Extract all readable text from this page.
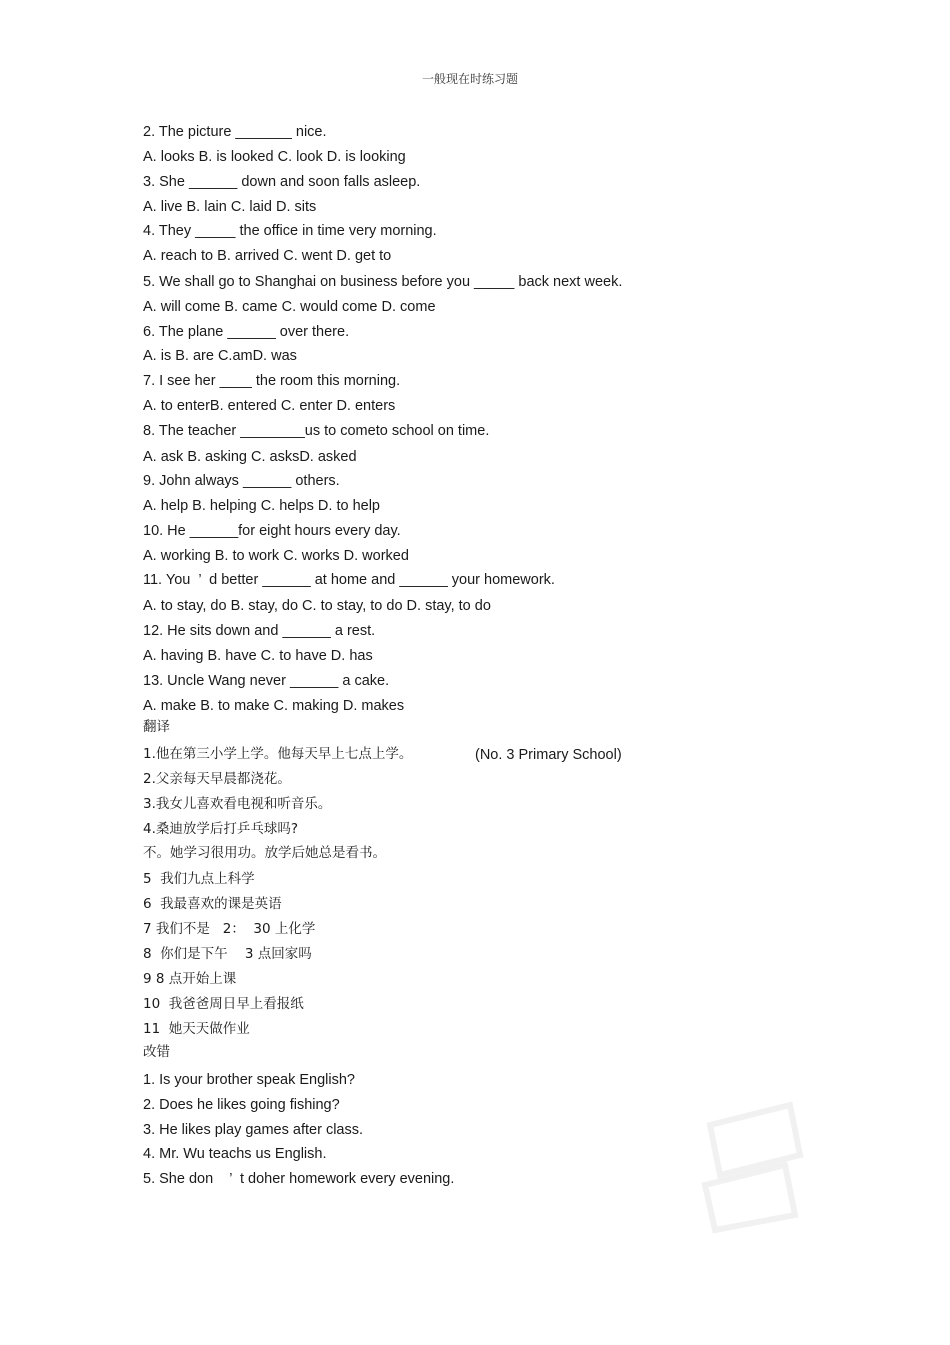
一般现在时练习题
2. The picture _______ nice.
A. looks B. is looked C. look D. is looking
3. She ______ down and soon falls asleep.
A. live B. lain C. laid D. sits
4. They _____ the office in time very morning.
A. reach to B. arrived C. went D. get to
5. We shall go to Shanghai on business before you _____ back next week.
A. will come B. came C. would come D. come
6. The plane ______ over there.
A. is B. are C.amD. was
7. I see her ____ the room this morning.
A. to enterB. entered C. enter D. enters
8. The teacher ________us to cometo school on time.
A. ask B. asking C. asksD. asked
9. John always ______ others.
A. help B. helping C. helps D. to help
10. He ______for eight hours every day.
A. working B. to work C. works D. worked
11. You  ’  d better ______ at home and ______ your homework.
A. to stay, do B. stay, do C. to stay, to do D. stay, to do
12. He sits down and ______ a rest.
A. having B. have C. to have D. has
13. Uncle Wang never ______ a cake.
A. make B. to make C. making D. makes
翻译
1.他在第三小学上学。他每天早上七点上学。	(No. 3 Primary School)
2.父亲每天早晨都浇花。
3.我女儿喜欢看电视和听音乐。
4.桑迪放学后打乒乓球吗?
不。她学习很用功。放学后她总是看书。
5  我们九点上科学
6  我最喜欢的课是英语
7 我们不是   2：  30 上化学
8  你们是下午    3 点回家吗
9 8 点开始上课
10  我爸爸周日早上看报纸
11  她天天做作业
改错
1. Is your brother speak English?
2. Does he likes going fishing?
3. He likes play games after class.
4. Mr. Wu teachs us English.
5. She don    ’  t doher homework every evening.
